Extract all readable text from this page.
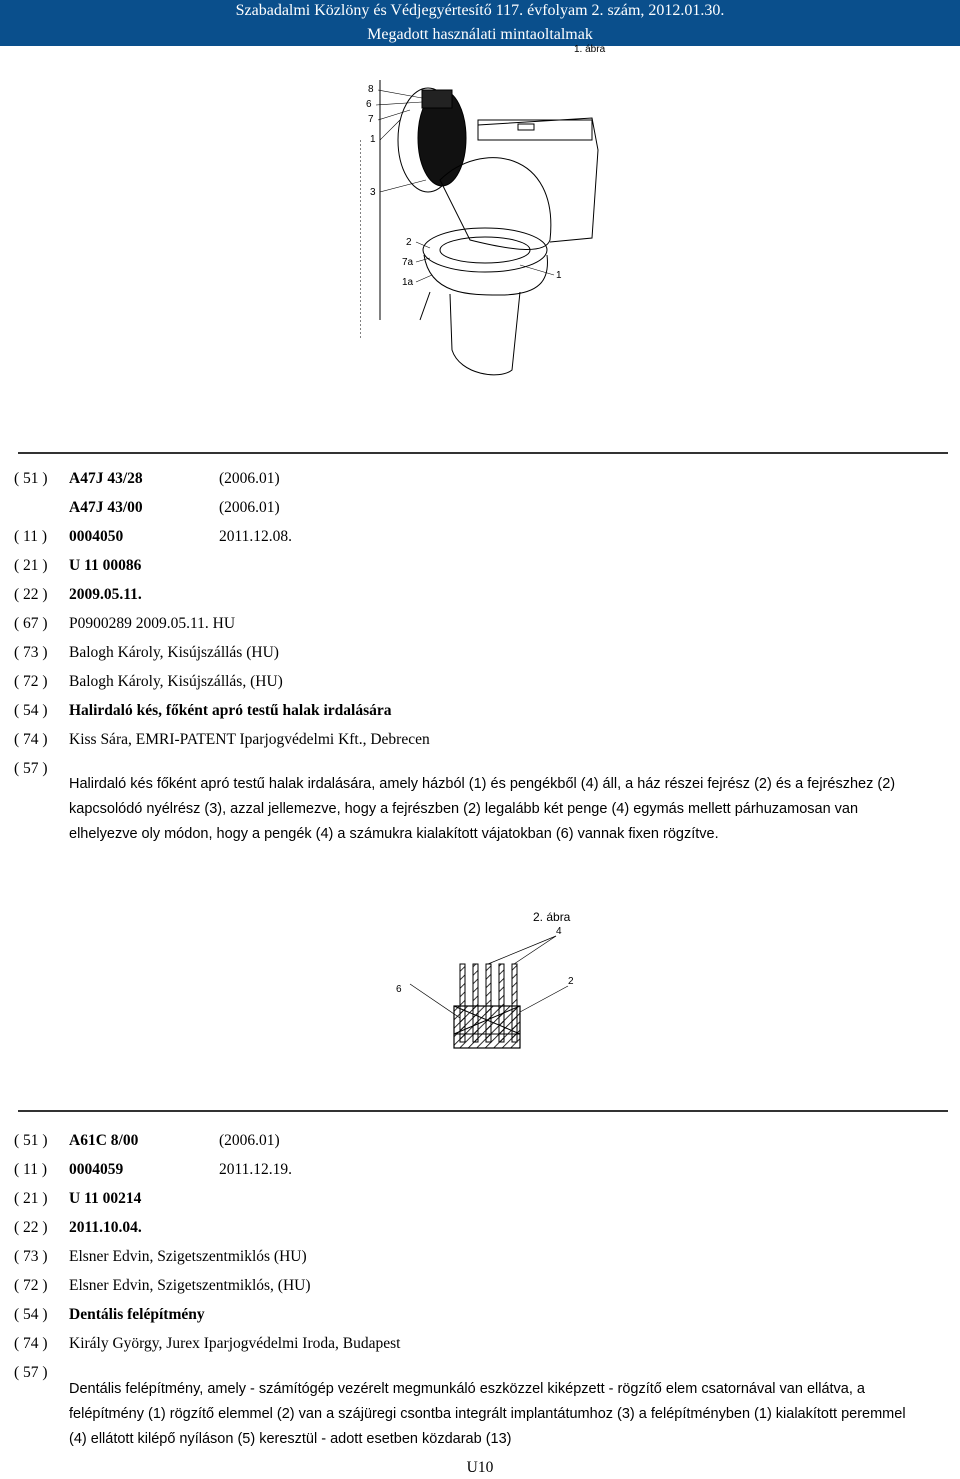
Szabadalmi Közlöny és Védjegyértesítő 117. évfolyam 2. szám, 2012.01.30.
Megadott használati mintaoltalmak
1. ábra
8
6
7
1
3
2
7a
1a
1
( 51 ) A47J 43/28	(2006.01)
A47J 43/00	(2006.01)
( 11 ) 0004050	2011.12.08.
( 21 ) U 11 00086
( 22 ) 2009.05.11.
( 67 ) P0900289 2009.05.11. HU
( 73 ) Balogh Károly, Kisújszállás (HU)
( 72 ) Balogh Károly, Kisújszállás, (HU)
( 54 ) Halirdaló kés, főként apró testű halak irdalására
( 74 ) Kiss Sára, EMRI-PATENT Iparjogvédelmi Kft., Debrecen
( 57 )
Halirdaló kés főként apró testű halak irdalására, amely házból (1) és pengékből (4) áll, a ház részei fejrész (2) és a fejrészhez (2) kapcsolódó nyélrész (3), azzal jellemezve, hogy a fejrészben (2) legalább két penge (4) egymás mellett párhuzamosan van elhelyezve oly módon, hogy a pengék (4) a számukra kialakított vájatokban (6) vannak fixen rögzítve.
2. ábra
4
6
2
( 51 ) A61C 8/00	(2006.01)
( 11 ) 0004059	2011.12.19.
( 21 ) U 11 00214
( 22 ) 2011.10.04.
( 73 ) Elsner Edvin, Szigetszentmiklós (HU)
( 72 ) Elsner Edvin, Szigetszentmiklós, (HU)
( 54 ) Dentális felépítmény
( 74 ) Király György, Jurex Iparjogvédelmi Iroda, Budapest
( 57 )
Dentális felépítmény, amely - számítógép vezérelt megmunkáló eszközzel kiképzett - rögzítő elem csatornával van ellátva, a felépítmény (1) rögzítő elemmel (2) van a szájüregi csontba integrált implantátumhoz (3) a felépítményben (1) kialakított peremmel (4) ellátott kilépő nyíláson (5) keresztül - adott esetben közdarab (13)
U10
